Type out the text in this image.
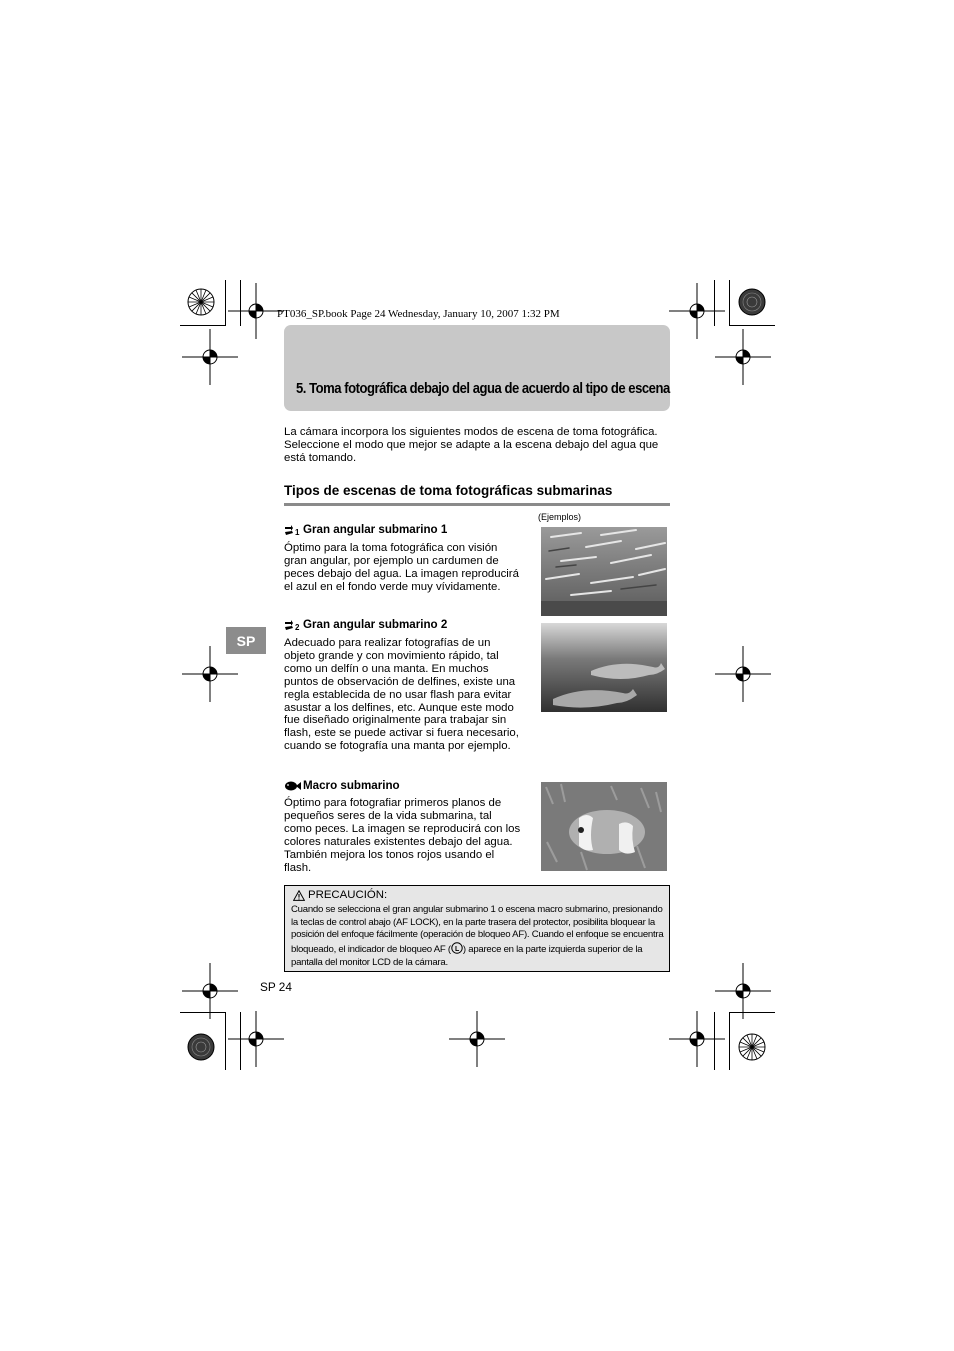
PT036_SP.book Page 24 Wednesday, January 10, 2007 1:32 PM
5. Toma fotográfica debajo del agua de acuerdo al tipo de escena
La cámara incorpora los siguientes modos de escena de toma fotográfica. Seleccione el modo que mejor se adapte a la escena debajo del agua que está tomando.
Tipos de escenas de toma fotográficas submarinas
(Ejemplos)
1 Gran angular submarino 1
Óptimo para la toma fotográfica con visión gran angular, por ejemplo un cardumen de peces debajo del agua. La imagen reproducirá el azul en el fondo verde muy vívidamente.
2 Gran angular submarino 2
Adecuado para realizar fotografías de un objeto grande y con movimiento rápido, tal como un delfín o una manta. En muchos puntos de observación de delfines, existe una regla establecida de no usar flash para evitar asustar a los delfines, etc. Aunque este modo fue diseñado originalmente para trabajar sin flash, este se puede activar si fuera necesario, cuando se fotografía una manta por ejemplo.
Macro submarino
Óptimo para fotografiar primeros planos de pequeños seres de la vida submarina, tal como peces. La imagen se reproducirá con los colores naturales existentes debajo del agua. También mejora los tonos rojos usando el flash.
SP
PRECAUCIÓN:
Cuando se selecciona el gran angular submarino 1 o escena macro submarino, presionando la teclas de control abajo (AF LOCK), en la parte trasera del protector, posibilita bloquear la posición del enfoque fácilmente (operación de bloqueo AF). Cuando el enfoque se encuentra bloqueado, el indicador de bloqueo AF ( L ) aparece en la parte izquierda superior de la pantalla del monitor LCD de la cámara.
SP 24
